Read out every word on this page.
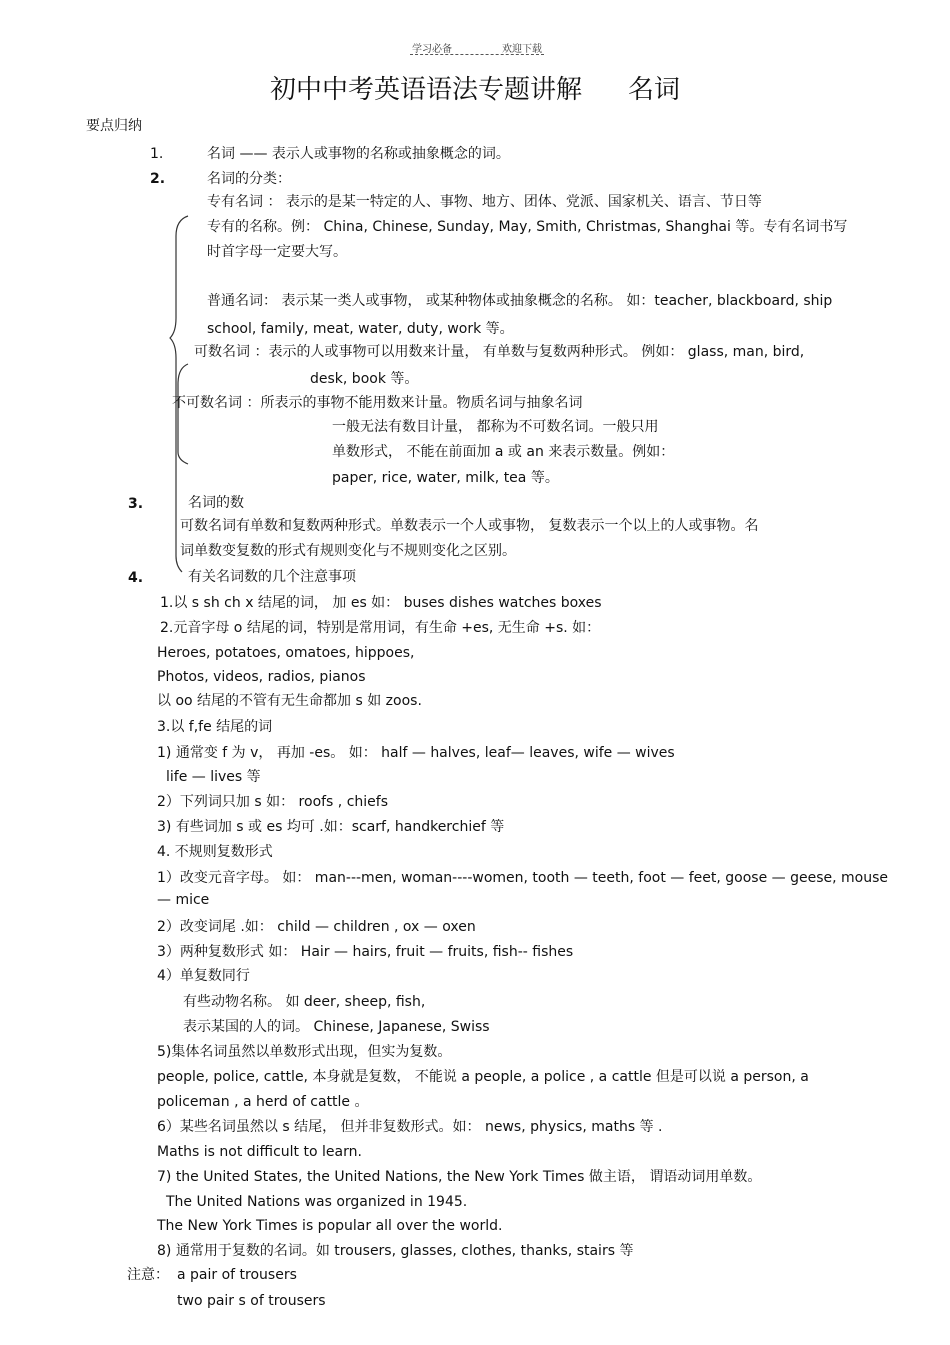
学习必备	欢迎下载
初中中考英语语法专题讲解 名词
要点归纳
1.	名词 —— 表示人或事物的名称或抽象概念的词。
2.	名词的分类：
专有名词 ： 表示的是某一特定的人、事物、地方、团体、党派、国家机关、语言、节日等
专有的名称。例： China, Chinese, Sunday, May, Smith, Christmas, Shanghai 等。专有名词书写
时首字母一定要大写。
普通名词： 表示某一类人或事物， 或某种物体或抽象概念的名称。 如：teacher, blackboard, ship
school, family, meat, water, duty, work 等。
可数名词 ：表示的人或事物可以用数来计量， 有单数与复数两种形式。 例如： glass, man, bird,
desk, book 等。
不可数名词 ：所表示的事物不能用数来计量。物质名词与抽象名词
一般无法有数目计量， 都称为不可数名词。一般只用
单数形式， 不能在前面加 a 或 an 来表示数量。例如：
paper, rice, water, milk, tea 等。
3.	名词的数
可数名词有单数和复数两种形式。单数表示一个人或事物， 复数表示一个以上的人或事物。名
词单数变复数的形式有规则变化与不规则变化之区别。
4.	有关名词数的几个注意事项
1.以 s sh ch x 结尾的词， 加 es 如： buses dishes watches boxes
2.元音字母 o 结尾的词，特别是常用词，有生命 +es, 无生命 +s. 如：
Heroes, potatoes, omatoes, hippoes,
Photos, videos, radios, pianos
以 oo 结尾的不管有无生命都加 s 如 zoos.
3.以 f,fe 结尾的词
1) 通常变 f 为 v， 再加 -es。 如： half — halves, leaf— leaves, wife — wives
life — lives 等
2）下列词只加 s 如： roofs , chiefs
3) 有些词加 s 或 es 均可 .如：scarf, handkerchief 等
4. 不规则复数形式
1）改变元音字母。 如： man---men, woman----women, tooth — teeth, foot — feet, goose — geese, mouse
— mice
2）改变词尾 .如： child — children , ox — oxen
3）两种复数形式 如： Hair — hairs, fruit — fruits, fish-- fishes
4）单复数同行
有些动物名称。 如 deer, sheep, fish,
表示某国的人的词。 Chinese, Japanese, Swiss
5)集体名词虽然以单数形式出现，但实为复数。
people, police, cattle, 本身就是复数， 不能说 a people, a police , a cattle 但是可以说 a person, a
policeman , a herd of cattle 。
6）某些名词虽然以 s 结尾， 但并非复数形式。如： news, physics, maths 等 .
Maths is not difficult to learn.
7) the United States, the United Nations, the New York Times 做主语， 谓语动词用单数。
The United Nations was organized in 1945.
The New York Times is popular all over the world.
8) 通常用于复数的名词。如 trousers, glasses, clothes, thanks, stairs 等
注意： a pair of trousers
two pair s of trousers
